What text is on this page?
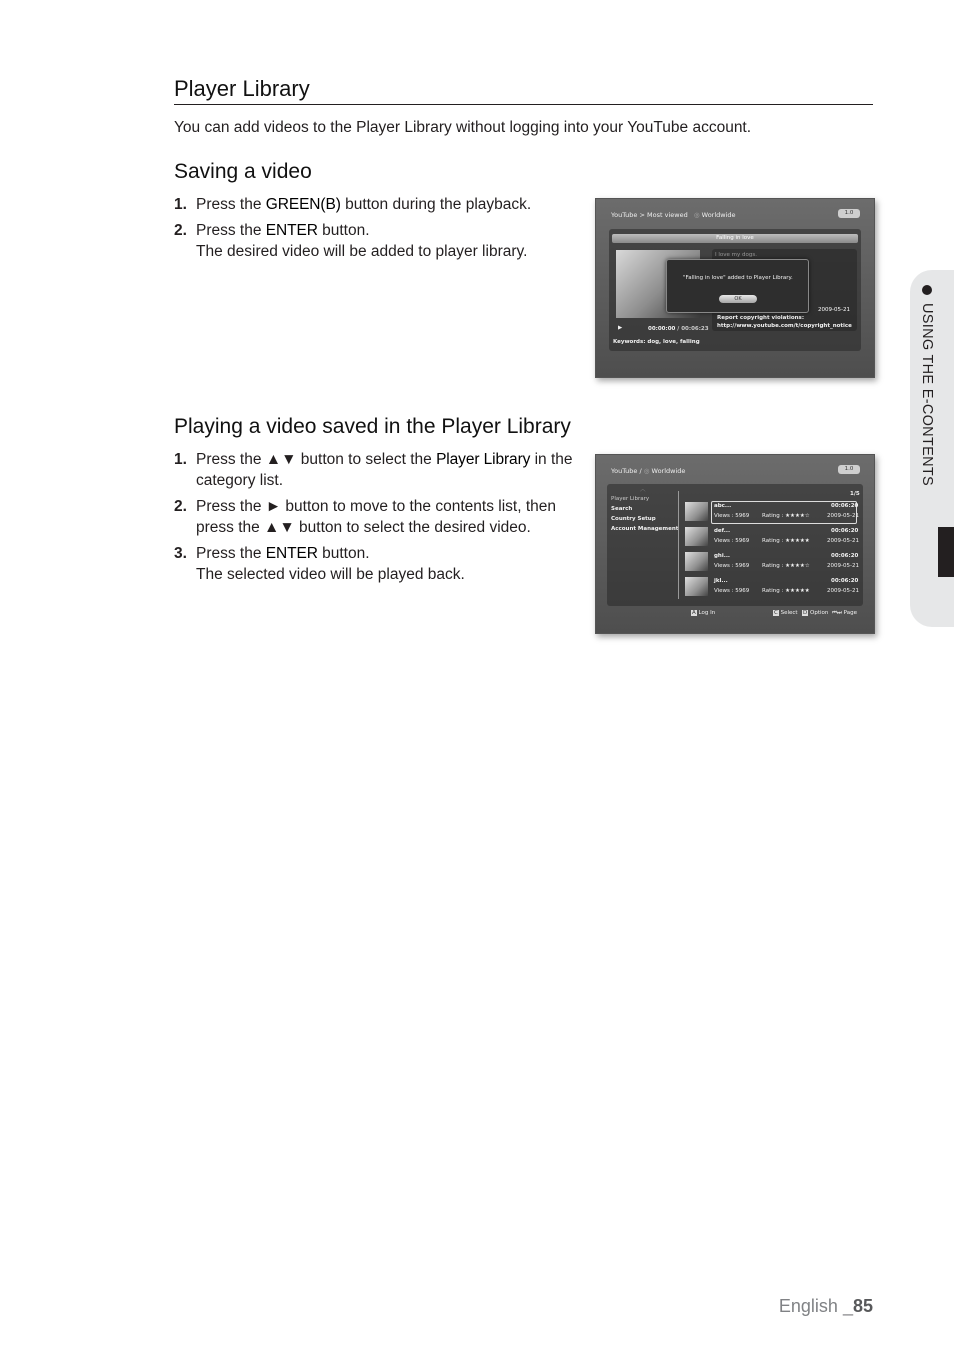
Player Library
You can add videos to the Player Library without logging into your YouTube account.
Saving a video
1. Press the GREEN(B) button during the playback.
2. Press the ENTER button.
The desired video will be added to player library.
YouTube > Most viewed ◎ Worldwide	1.0
Falling in love
I love my dogs.
2009-05-21
Report copyright violations:
http://www.youtube.com/t/copyright_notice
▶	00:00:00 / 00:06:23
Keywords: dog, love, falling
"Falling in love" added to Player Library.
OK
Playing a video saved in the Player Library
1. Press the ▲▼ button to select the Player Library in the category list.
2. Press the ► button to move to the contents list, then press the ▲▼ button to select the desired video.
3. Press the ENTER button.
The selected video will be played back.
YouTube / ◎ Worldwide	1.0
︿
Player Library
Search
Country Setup
Account Management
1/5
abc...	00:06:20
Views : 5969 Rating : ★★★★☆	2009-05-21
def...	00:06:20
Views : 5969 Rating : ★★★★★	2009-05-21
ghi...	00:06:20
Views : 5969 Rating : ★★★★☆	2009-05-21
jkl...	00:06:20
Views : 5969 Rating : ★★★★★	2009-05-21
A Log In	C Select D Option ⏮⏭ Page
USING THE E-CONTENTS
English _85
